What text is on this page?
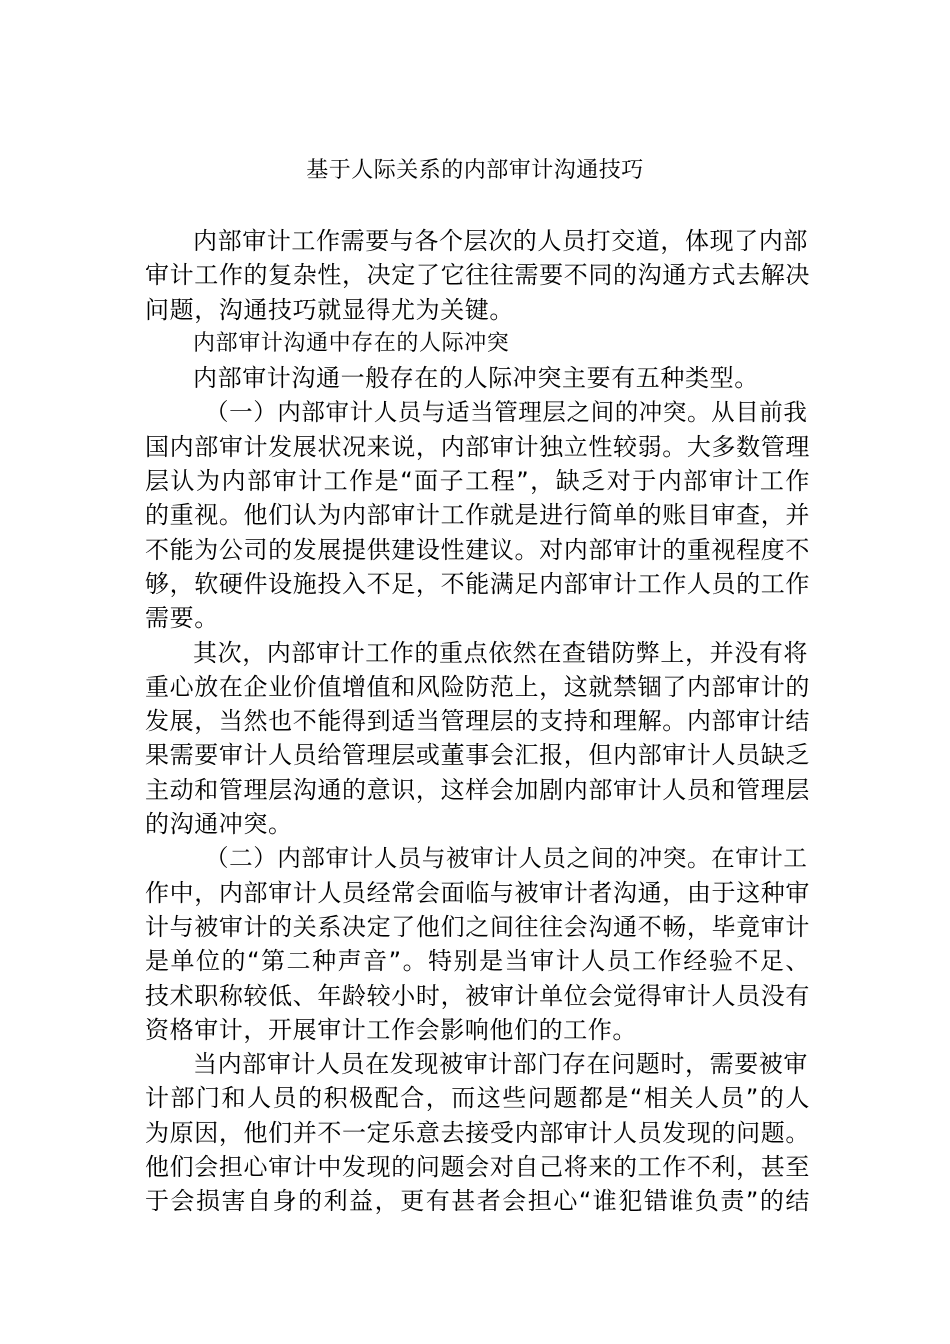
基于人际关系的内部审计沟通技巧
内部审计工作需要与各个层次的人员打交道，体现了内部
审计工作的复杂性，决定了它往往需要不同的沟通方式去解决
问题，沟通技巧就显得尤为关键。
内部审计沟通中存在的人际冲突
内部审计沟通一般存在的人际冲突主要有五种类型。
（一）内部审计人员与适当管理层之间的冲突。从目前我
国内部审计发展状况来说，内部审计独立性较弱。大多数管理
层认为内部审计工作是“面子工程”，缺乏对于内部审计工作
的重视。他们认为内部审计工作就是进行简单的账目审查，并
不能为公司的发展提供建设性建议。对内部审计的重视程度不
够，软硬件设施投入不足，不能满足内部审计工作人员的工作
需要。
其次，内部审计工作的重点依然在查错防弊上，并没有将
重心放在企业价值增值和风险防范上，这就禁锢了内部审计的
发展，当然也不能得到适当管理层的支持和理解。内部审计结
果需要审计人员给管理层或董事会汇报，但内部审计人员缺乏
主动和管理层沟通的意识，这样会加剧内部审计人员和管理层
的沟通冲突。
（二）内部审计人员与被审计人员之间的冲突。在审计工
作中，内部审计人员经常会面临与被审计者沟通，由于这种审
计与被审计的关系决定了他们之间往往会沟通不畅，毕竟审计
是单位的“第二种声音”。特别是当审计人员工作经验不足、
技术职称较低、年龄较小时，被审计单位会觉得审计人员没有
资格审计，开展审计工作会影响他们的工作。
当内部审计人员在发现被审计部门存在问题时，需要被审
计部门和人员的积极配合，而这些问题都是“相关人员”的人
为原因，他们并不一定乐意去接受内部审计人员发现的问题。
他们会担心审计中发现的问题会对自己将来的工作不利，甚至
于会损害自身的利益，更有甚者会担心“谁犯错谁负责”的结
